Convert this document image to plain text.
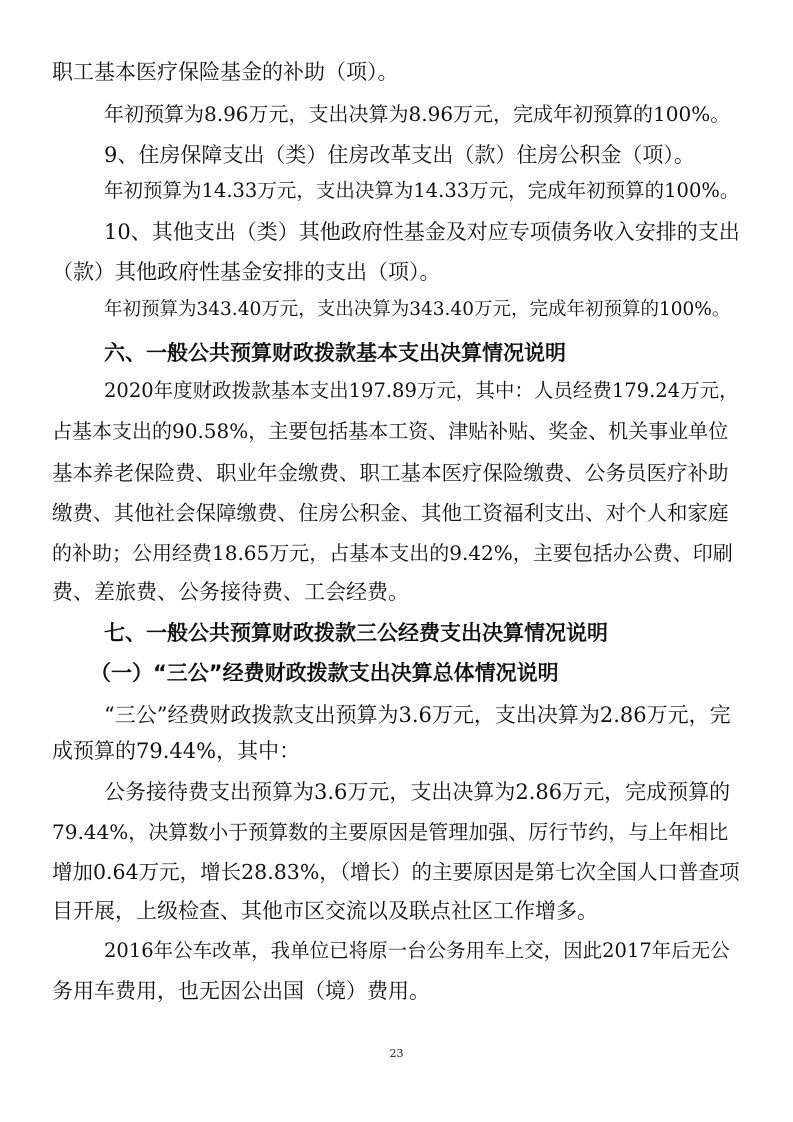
职工基本医疗保险基金的补助（项）。
年初预算为8.96万元，支出决算为8.96万元，完成年初预算的100%。
9、住房保障支出（类）住房改革支出（款）住房公积金（项）。
年初预算为14.33万元，支出决算为14.33万元，完成年初预算的100%。
10、其他支出（类）其他政府性基金及对应专项债务收入安排的支出
（款）其他政府性基金安排的支出（项）。
年初预算为343.40万元，支出决算为343.40万元，完成年初预算的100%。
六、一般公共预算财政拨款基本支出决算情况说明
2020年度财政拨款基本支出197.89万元，其中：人员经费179.24万元，
占基本支出的90.58%，主要包括基本工资、津贴补贴、奖金、机关事业单位
基本养老保险费、职业年金缴费、职工基本医疗保险缴费、公务员医疗补助
缴费、其他社会保障缴费、住房公积金、其他工资福利支出、对个人和家庭
的补助；公用经费18.65万元，占基本支出的9.42%，主要包括办公费、印刷
费、差旅费、公务接待费、工会经费。
七、一般公共预算财政拨款三公经费支出决算情况说明
（一）“三公”经费财政拨款支出决算总体情况说明
“三公”经费财政拨款支出预算为3.6万元，支出决算为2.86万元，完
成预算的79.44%，其中：
公务接待费支出预算为3.6万元，支出决算为2.86万元，完成预算的
79.44%，决算数小于预算数的主要原因是管理加强、厉行节约，与上年相比
增加0.64万元，增长28.83%，（增长）的主要原因是第七次全国人口普查项
目开展，上级检查、其他市区交流以及联点社区工作增多。
2016年公车改革，我单位已将原一台公务用车上交，因此2017年后无公
务用车费用，也无因公出国（境）费用。
23
